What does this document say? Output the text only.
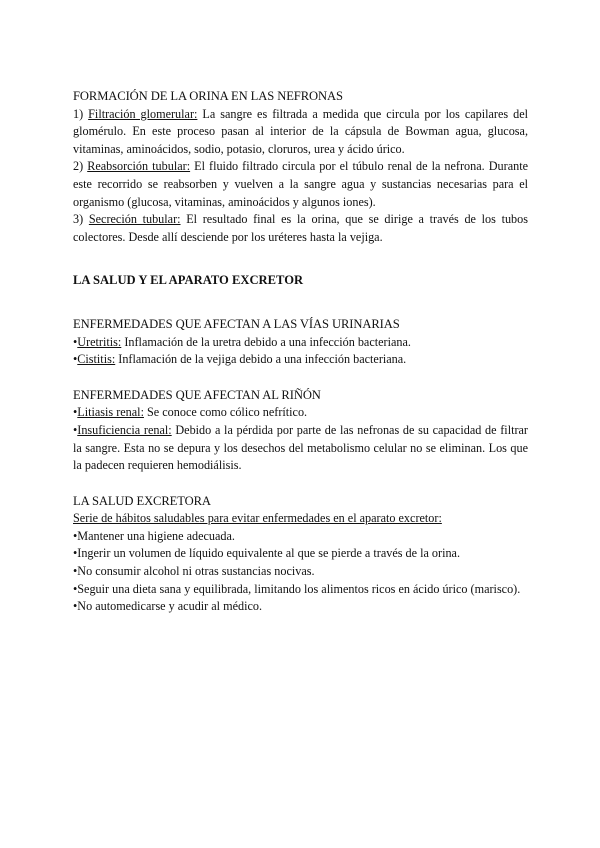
FORMACIÓN DE LA ORINA EN LAS NEFRONAS

1) Filtración glomerular: La sangre es filtrada a medida que circula por los capilares del glomérulo. En este proceso pasan al interior de la cápsula de Bowman agua, glucosa, vitaminas, aminoácidos, sodio, potasio, cloruros, urea y ácido úrico.

2) Reabsorción tubular: El fluido filtrado circula por el túbulo renal de la nefrona. Durante este recorrido se reabsorben y vuelven a la sangre agua y sustancias necesarias para el organismo (glucosa, vitaminas, aminoácidos y algunos iones).

3) Secreción tubular: El resultado final es la orina, que se dirige a través de los tubos colectores. Desde allí desciende por los uréteres hasta la vejiga.

LA SALUD Y EL APARATO EXCRETOR
ENFERMEDADES QUE AFECTAN A LAS VÍAS URINARIAS

•Uretritis: Inflamación de la uretra debido a una infección bacteriana.

•Cistitis: Inflamación de la vejiga debido a una infección bacteriana.

ENFERMEDADES QUE AFECTAN AL RIÑÓN

•Litiasis renal: Se conoce como cólico nefrítico.

•Insuficiencia renal: Debido a la pérdida por parte de las nefronas de su capacidad de filtrar la sangre. Esta no se depura y los desechos del metabolismo celular no se eliminan. Los que la padecen requieren hemodiálisis.

LA SALUD EXCRETORA
Serie de hábitos saludables para evitar enfermedades en el aparato excretor:

•Mantener una higiene adecuada.

•Ingerir un volumen de líquido equivalente al que se pierde a través de la orina.

•No consumir alcohol ni otras sustancias nocivas.

•Seguir una dieta sana y equilibrada, limitando los alimentos ricos en ácido úrico (marisco).

•No automedicarse y acudir al médico.
